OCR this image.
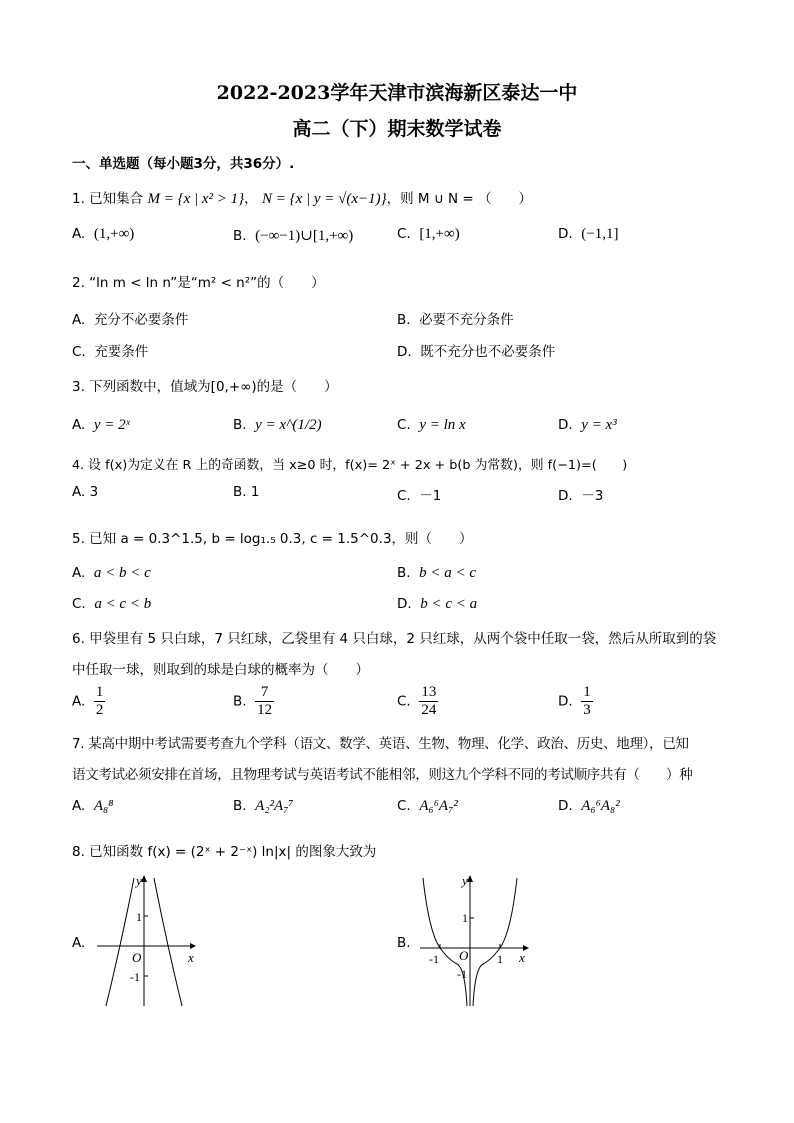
2022-2023学年天津市滨海新区泰达一中
高二（下）期末数学试卷
一、单选题（每小题3分，共36分）.
1. 已知集合 M = {x | x² > 1}， N = {x | y = √(x−1)}，则 M ∪ N = （　　）
A. (1,+∞)	B. (−∞−1)∪[1,+∞)	C. [1,+∞)	D. (−1,1]
2. “ln m < ln n”是“m² < n²”的（　　）
A. 充分不必要条件	B. 必要不充分条件
C. 充要条件	D. 既不充分也不必要条件
3. 下列函数中，值域为[0,+∞)的是（　　）
A. y = 2ˣ	B. y = x^(1/2)	C. y = ln x	D. y = x³
4. 设 f(x)为定义在 R 上的奇函数，当 x≥0 时，f(x)= 2ˣ + 2x + b(b 为常数)，则 f(−1)=(　　)
A. 3	B. 1	C. －1	D. －3
5. 已知 a = 0.3^1.5, b = log₁.₅ 0.3, c = 1.5^0.3，则（　　）
A. a < b < c	B. b < a < c
C. a < c < b	D. b < c < a
6. 甲袋里有 5 只白球，7 只红球，乙袋里有 4 只白球，2 只红球，从两个袋中任取一袋，然后从所取到的袋
中任取一球，则取到的球是白球的概率为（　　）
A. $\frac{1}{2}$	B. $\frac{7}{12}$	C. $\frac{13}{24}$	D. $\frac{1}{3}$
7. 某高中期中考试需要考查九个学科（语文、数学、英语、生物、物理、化学、政治、历史、地理），已知
语文考试必须安排在首场，且物理考试与英语考试不能相邻，则这九个学科不同的考试顺序共有（　　）种
A. A₈⁸	B. A₂²A₇⁷	C. A₆⁶A₇²	D. A₆⁶A₈²
8. 已知函数 f(x) = (2ˣ + 2⁻ˣ) ln|x| 的图象大致为
A.
y
x
O
1
-1
B.
y
x
O
1
-1	1
-1
